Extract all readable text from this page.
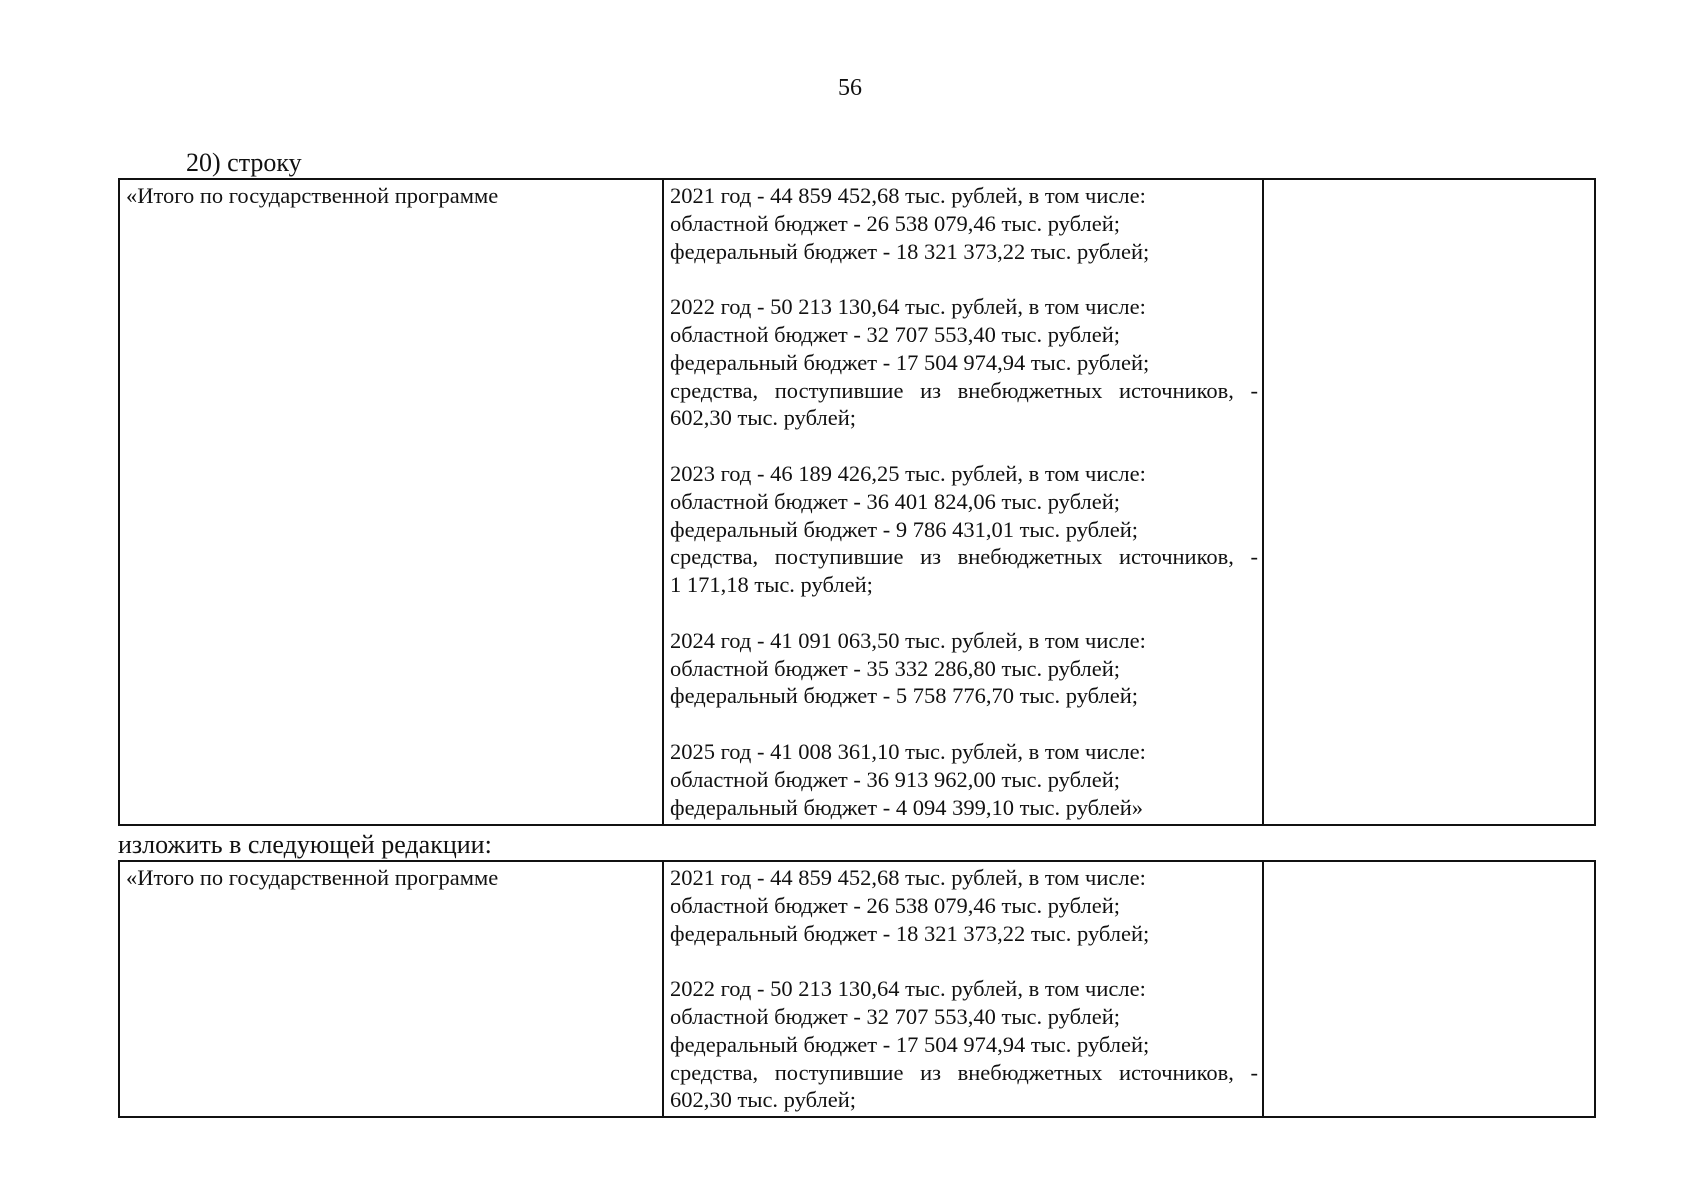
56
20) строку
«Итого по государственной программе	2021 год - 44 859 452,68 тыс. рублей, в том числе:
областной бюджет - 26 538 079,46 тыс. рублей;
федеральный бюджет - 18 321 373,22 тыс. рублей;
2022 год - 50 213 130,64 тыс. рублей, в том числе:
областной бюджет - 32 707 553,40 тыс. рублей;
федеральный бюджет - 17 504 974,94 тыс. рублей;
средства, поступившие из внебюджетных источников, -
602,30 тыс. рублей;
2023 год - 46 189 426,25 тыс. рублей, в том числе:
областной бюджет - 36 401 824,06 тыс. рублей;
федеральный бюджет - 9 786 431,01 тыс. рублей;
средства, поступившие из внебюджетных источников, -
1 171,18 тыс. рублей;
2024 год - 41 091 063,50 тыс. рублей, в том числе:
областной бюджет - 35 332 286,80 тыс. рублей;
федеральный бюджет - 5 758 776,70 тыс. рублей;
2025 год - 41 008 361,10 тыс. рублей, в том числе:
областной бюджет - 36 913 962,00 тыс. рублей;
федеральный бюджет - 4 094 399,10 тыс. рублей»

изложить в следующей редакции:
«Итого по государственной программе	2021 год - 44 859 452,68 тыс. рублей, в том числе:
областной бюджет - 26 538 079,46 тыс. рублей;
федеральный бюджет - 18 321 373,22 тыс. рублей;
2022 год - 50 213 130,64 тыс. рублей, в том числе:
областной бюджет - 32 707 553,40 тыс. рублей;
федеральный бюджет - 17 504 974,94 тыс. рублей;
средства, поступившие из внебюджетных источников, -
602,30 тыс. рублей;
